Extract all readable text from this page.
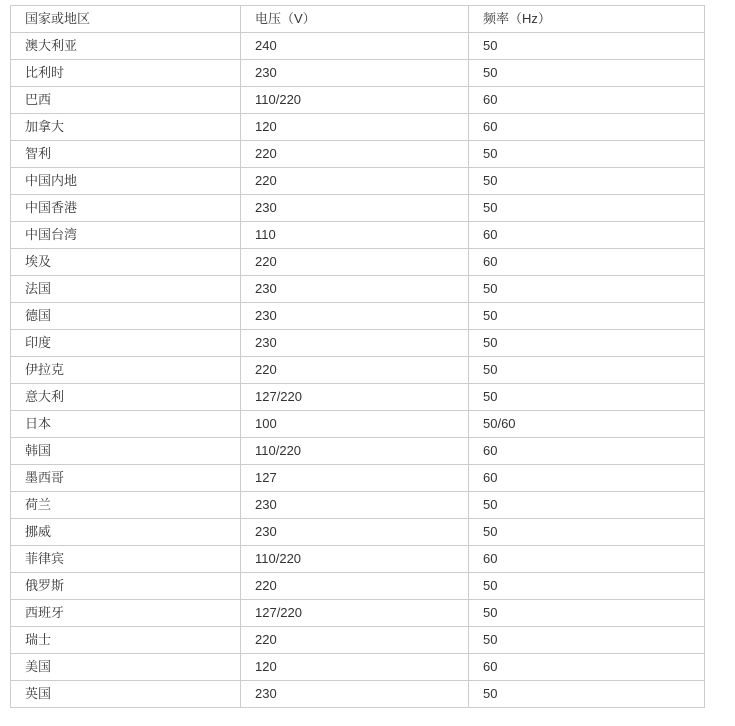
国家或地区	电压（V）	频率（Hz）
澳大利亚	240	50
比利时	230	50
巴西	110/220	60
加拿大	120	60
智利	220	50
中国内地	220	50
中国香港	230	50
中国台湾	110	60
埃及	220	60
法国	230	50
德国	230	50
印度	230	50
伊拉克	220	50
意大利	127/220	50
日本	100	50/60
韩国	110/220	60
墨西哥	127	60
荷兰	230	50
挪威	230	50
菲律宾	110/220	60
俄罗斯	220	50
西班牙	127/220	50
瑞士	220	50
美国	120	60
英国	230	50
